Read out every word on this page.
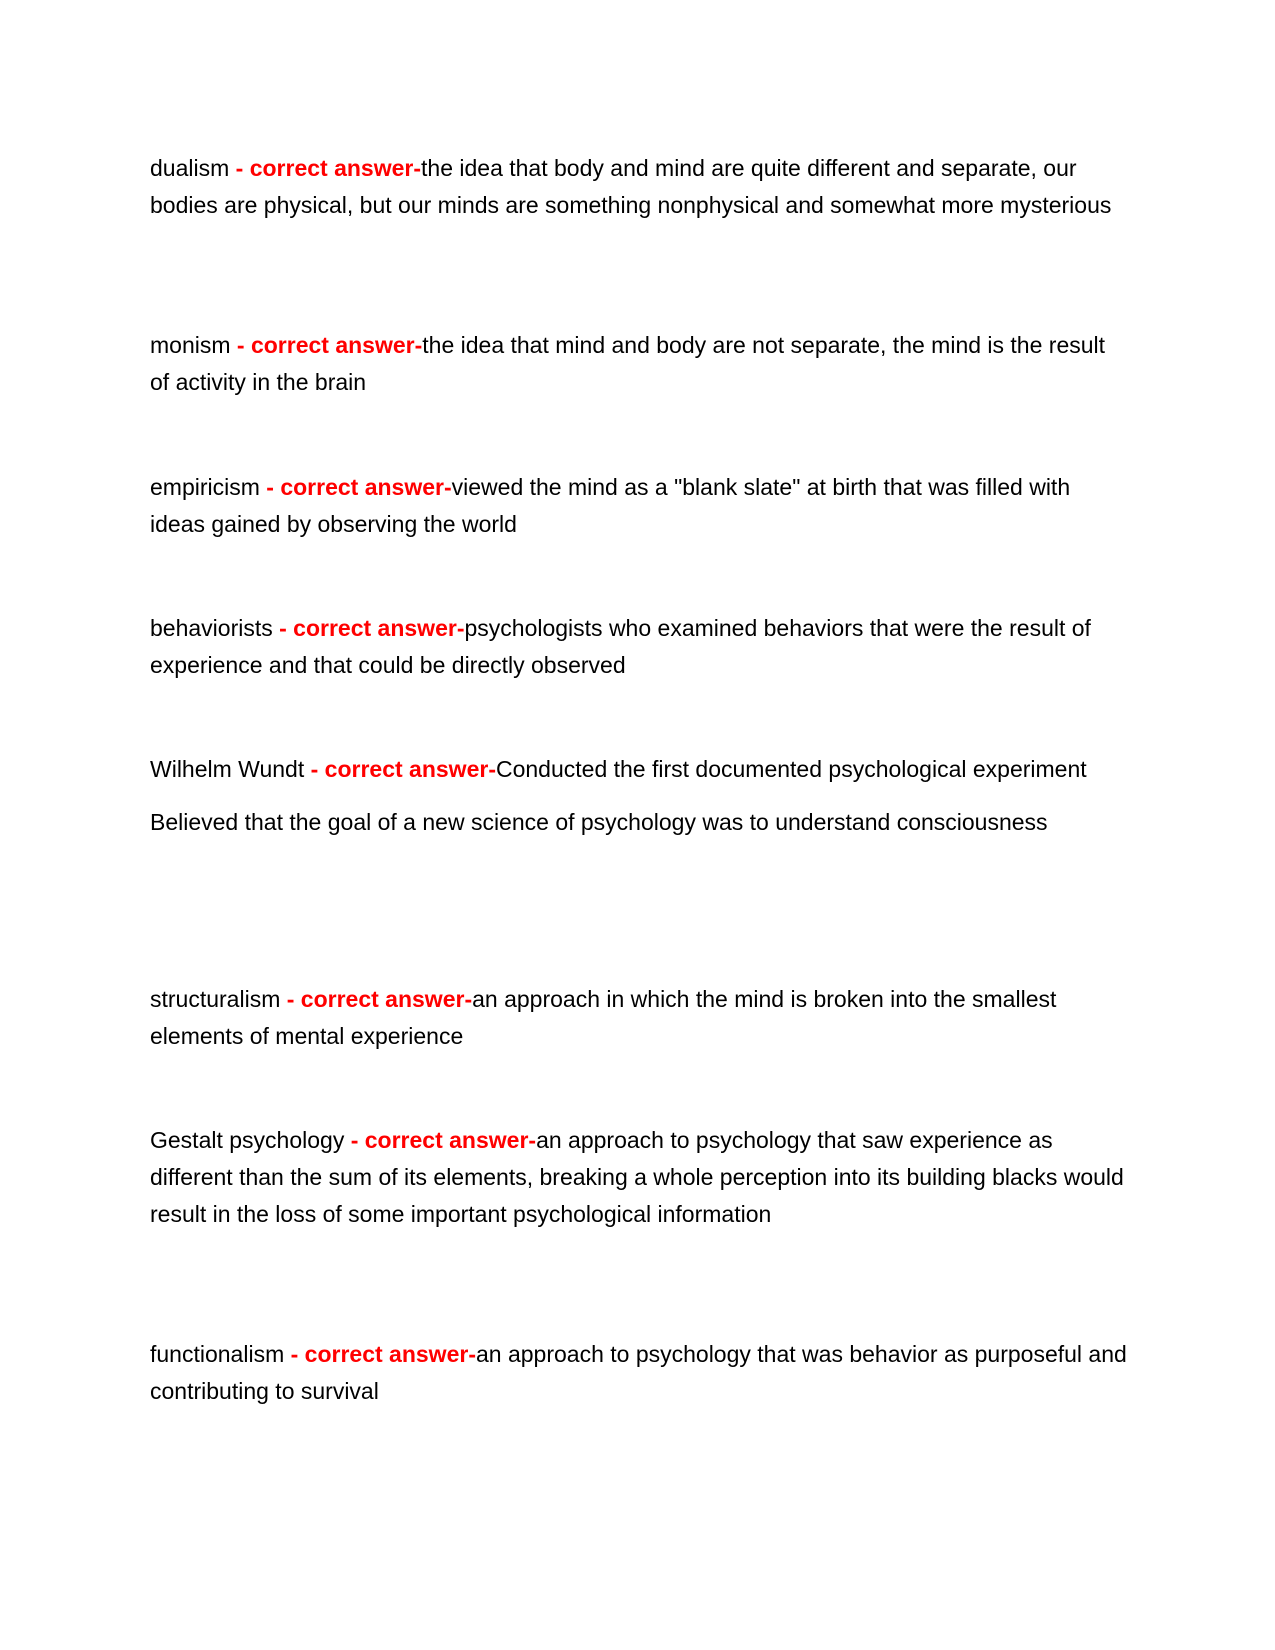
dualism - correct answer-the idea that body and mind are quite different and separate, our bodies are physical, but our minds are something nonphysical and somewhat more mysterious

monism - correct answer-the idea that mind and body are not separate, the mind is the result of activity in the brain

empiricism - correct answer-viewed the mind as a "blank slate" at birth that was filled with ideas gained by observing the world

behaviorists - correct answer-psychologists who examined behaviors that were the result of experience and that could be directly observed

Wilhelm Wundt - correct answer-Conducted the first documented psychological experiment

Believed that the goal of a new science of psychology was to understand consciousness

structuralism - correct answer-an approach in which the mind is broken into the smallest elements of mental experience

Gestalt psychology - correct answer-an approach to psychology that saw experience as different than the sum of its elements, breaking a whole perception into its building blacks would result in the loss of some important psychological information

functionalism - correct answer-an approach to psychology that was behavior as purposeful and contributing to survival
